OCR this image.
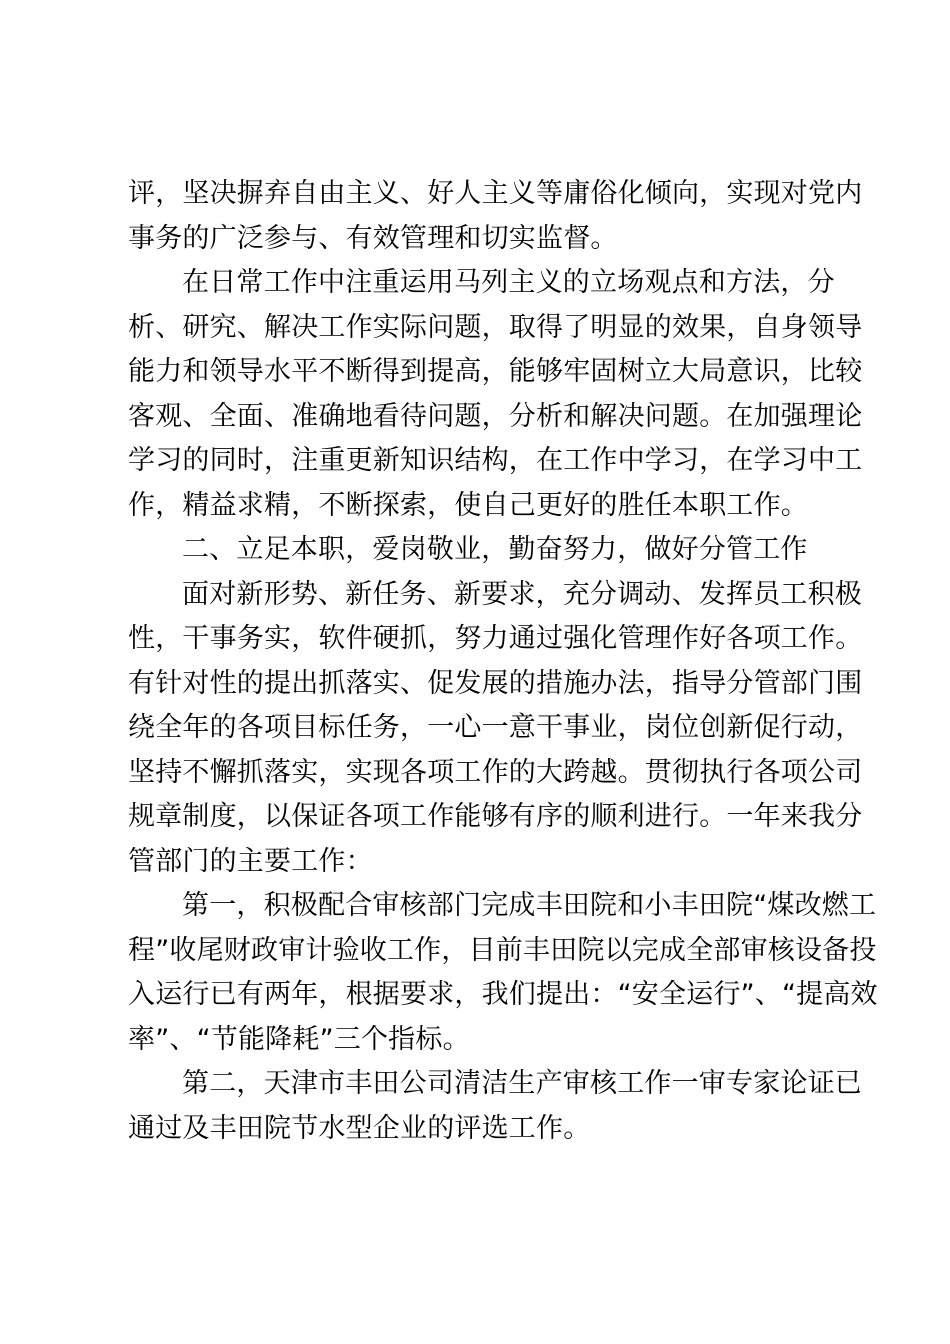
评，坚决摒弃自由主义、好人主义等庸俗化倾向，实现对党内
事务的广泛参与、有效管理和切实监督。
在日常工作中注重运用马列主义的立场观点和方法，分
析、研究、解决工作实际问题，取得了明显的效果，自身领导
能力和领导水平不断得到提高，能够牢固树立大局意识，比较
客观、全面、准确地看待问题，分析和解决问题。在加强理论
学习的同时，注重更新知识结构，在工作中学习，在学习中工
作，精益求精，不断探索，使自己更好的胜任本职工作。
二、立足本职，爱岗敬业，勤奋努力，做好分管工作
面对新形势、新任务、新要求，充分调动、发挥员工积极
性，干事务实，软件硬抓，努力通过强化管理作好各项工作。
有针对性的提出抓落实、促发展的措施办法，指导分管部门围
绕全年的各项目标任务，一心一意干事业，岗位创新促行动，
坚持不懈抓落实，实现各项工作的大跨越。贯彻执行各项公司
规章制度，以保证各项工作能够有序的顺利进行。一年来我分
管部门的主要工作：
第一，积极配合审核部门完成丰田院和小丰田院“煤改燃工
程”收尾财政审计验收工作，目前丰田院以完成全部审核设备投
入运行已有两年，根据要求，我们提出：“安全运行”、“提高效
率”、“节能降耗”三个指标。
第二，天津市丰田公司清洁生产审核工作一审专家论证已
通过及丰田院节水型企业的评选工作。
